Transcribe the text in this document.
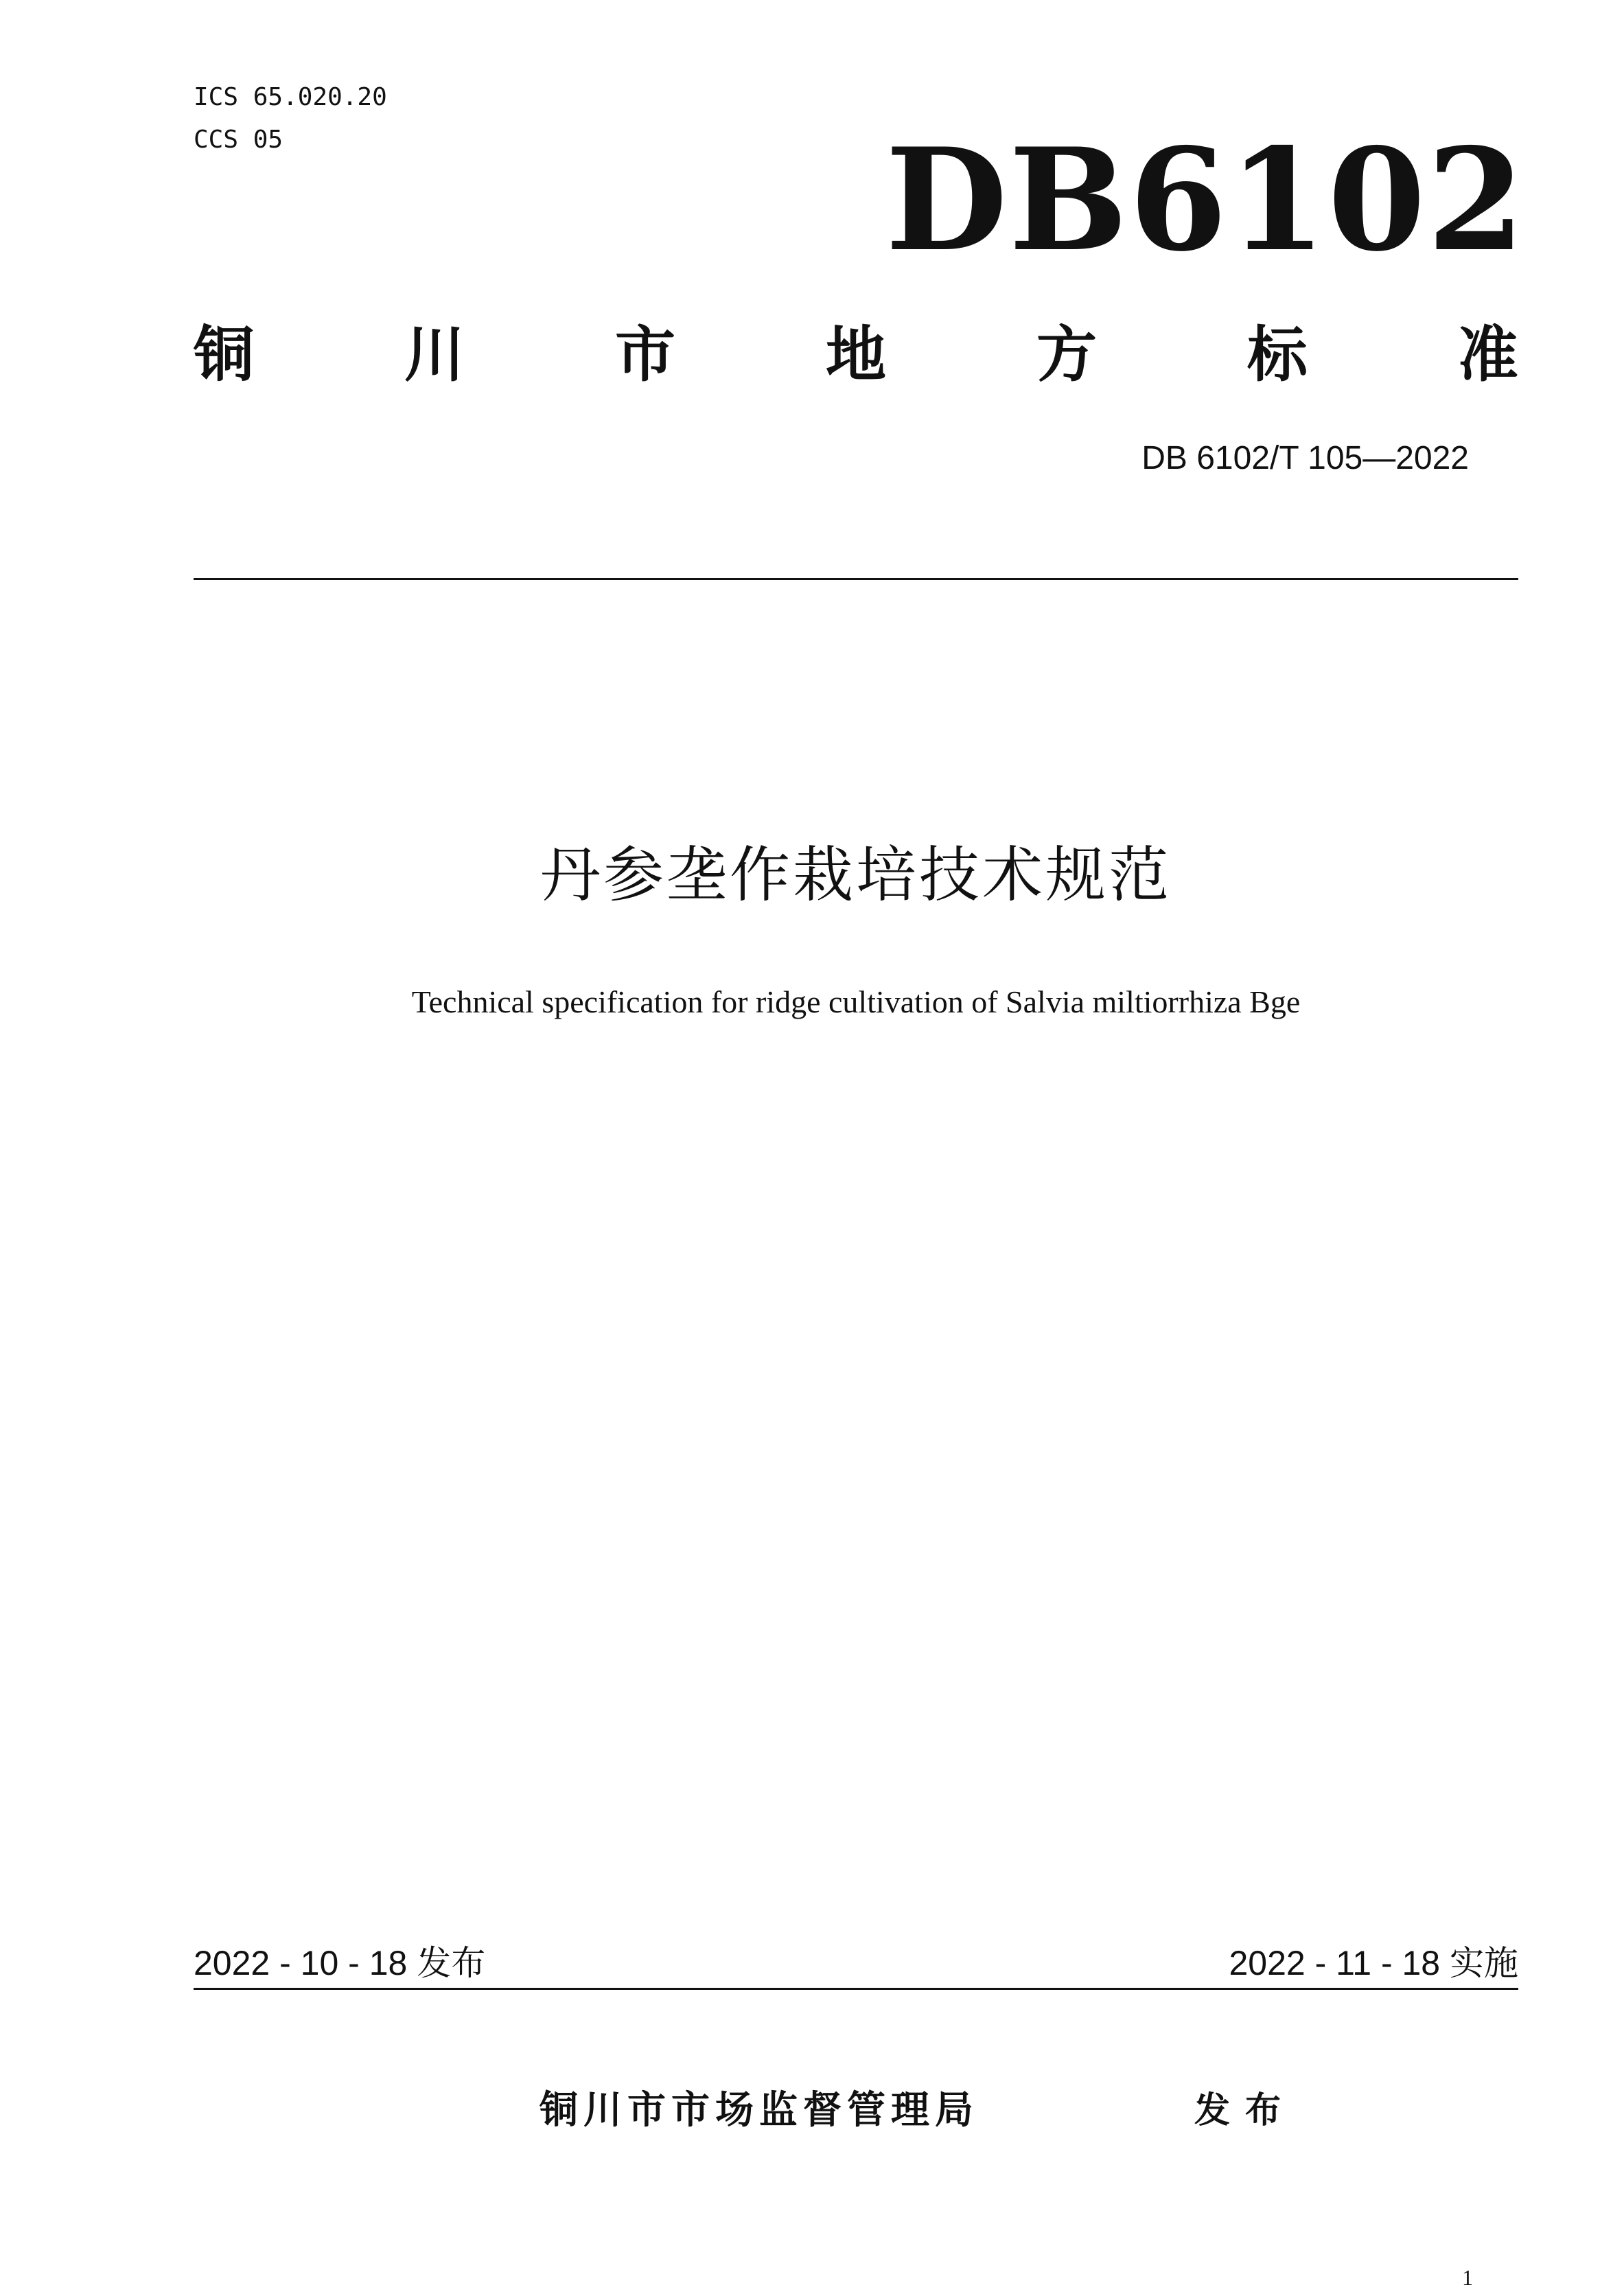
ICS 65.020.20
CCS 05	DB6102
铜 川 市 地 方 标 准
DB 6102/T 105—2022
丹参垄作栽培技术规范
Technical specification for ridge cultivation of Salvia miltiorrhiza Bge
2022 - 10 - 18 发布	2022 - 11 - 18 实施
铜川市市场监督管理局	发布
1
